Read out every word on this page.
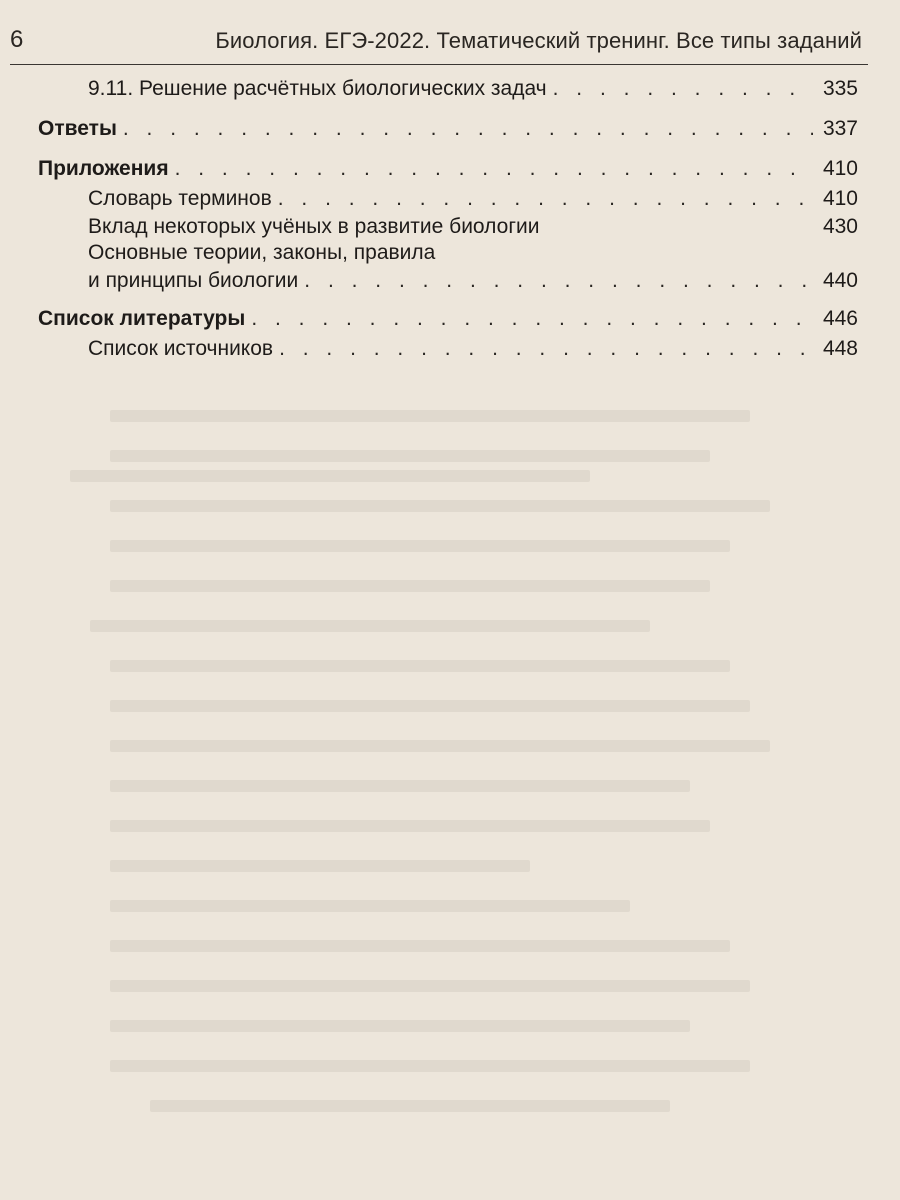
6	Биология. ЕГЭ-2022. Тематический тренинг. Все типы заданий
9.11. Решение расчётных биологических задач . . .	335
Ответы . . .	337
Приложения . . .	410
Словарь терминов . . .	410
Вклад некоторых учёных в развитие биологии	430
Основные теории, законы, правила
и принципы биологии . . .	440
Список литературы . . .	446
Список источников . . .	448
